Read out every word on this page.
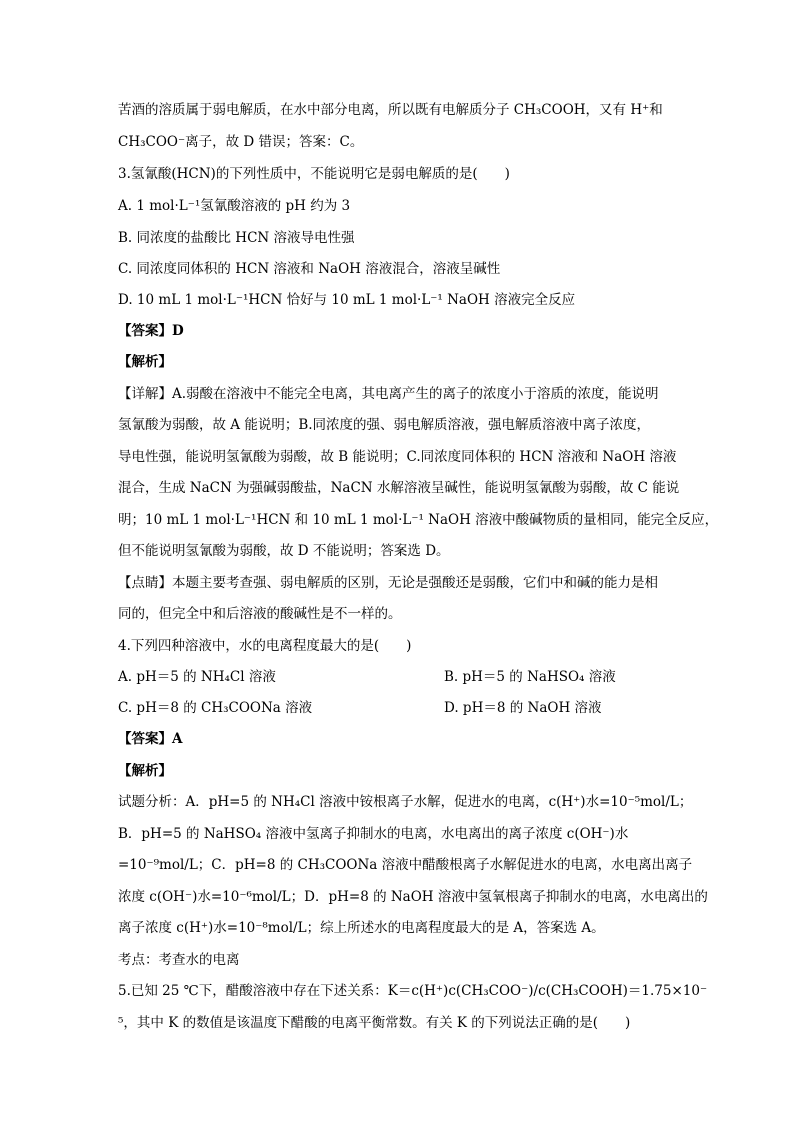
苦酒的溶质属于弱电解质，在水中部分电离，所以既有电解质分子 CH₃COOH，又有 H⁺和
CH₃COO⁻离子，故 D 错误；答案：C。
3.氢氰酸(HCN)的下列性质中，不能说明它是弱电解质的是(　　)
A. 1 mol·L⁻¹氢氰酸溶液的 pH 约为 3
B. 同浓度的盐酸比 HCN 溶液导电性强
C. 同浓度同体积的 HCN 溶液和 NaOH 溶液混合，溶液呈碱性
D. 10 mL 1 mol·L⁻¹HCN 恰好与 10 mL 1 mol·L⁻¹ NaOH 溶液完全反应
【答案】D
【解析】
【详解】A.弱酸在溶液中不能完全电离，其电离产生的离子的浓度小于溶质的浓度，能说明
氢氰酸为弱酸，故 A 能说明；B.同浓度的强、弱电解质溶液，强电解质溶液中离子浓度，
导电性强，能说明氢氰酸为弱酸，故 B 能说明；C.同浓度同体积的 HCN 溶液和 NaOH 溶液
混合，生成 NaCN 为强碱弱酸盐，NaCN 水解溶液呈碱性，能说明氢氰酸为弱酸，故 C 能说
明；10 mL 1 mol·L⁻¹HCN 和 10 mL 1 mol·L⁻¹ NaOH 溶液中酸碱物质的量相同，能完全反应，
但不能说明氢氰酸为弱酸，故 D 不能说明；答案选 D。
【点睛】本题主要考查强、弱电解质的区别，无论是强酸还是弱酸，它们中和碱的能力是相
同的，但完全中和后溶液的酸碱性是不一样的。
4.下列四种溶液中，水的电离程度最大的是(　　)
A. pH＝5 的 NH₄Cl 溶液	B. pH＝5 的 NaHSO₄ 溶液
C. pH＝8 的 CH₃COONa 溶液	D. pH＝8 的 NaOH 溶液
【答案】A
【解析】
试题分析：A．pH=5 的 NH₄Cl 溶液中铵根离子水解，促进水的电离，c(H⁺)水=10⁻⁵mol/L；
B．pH=5 的 NaHSO₄ 溶液中氢离子抑制水的电离，水电离出的离子浓度 c(OH⁻)水
=10⁻⁹mol/L；C．pH=8 的 CH₃COONa 溶液中醋酸根离子水解促进水的电离，水电离出离子
浓度 c(OH⁻)水=10⁻⁶mol/L；D．pH=8 的 NaOH 溶液中氢氧根离子抑制水的电离，水电离出的
离子浓度 c(H⁺)水=10⁻⁸mol/L；综上所述水的电离程度最大的是 A，答案选 A。
考点：考查水的电离
5.已知 25 ℃下，醋酸溶液中存在下述关系：K＝c(H⁺)c(CH₃COO⁻)/c(CH₃COOH)＝1.75×10⁻
⁵，其中 K 的数值是该温度下醋酸的电离平衡常数。有关 K 的下列说法正确的是(　　)
